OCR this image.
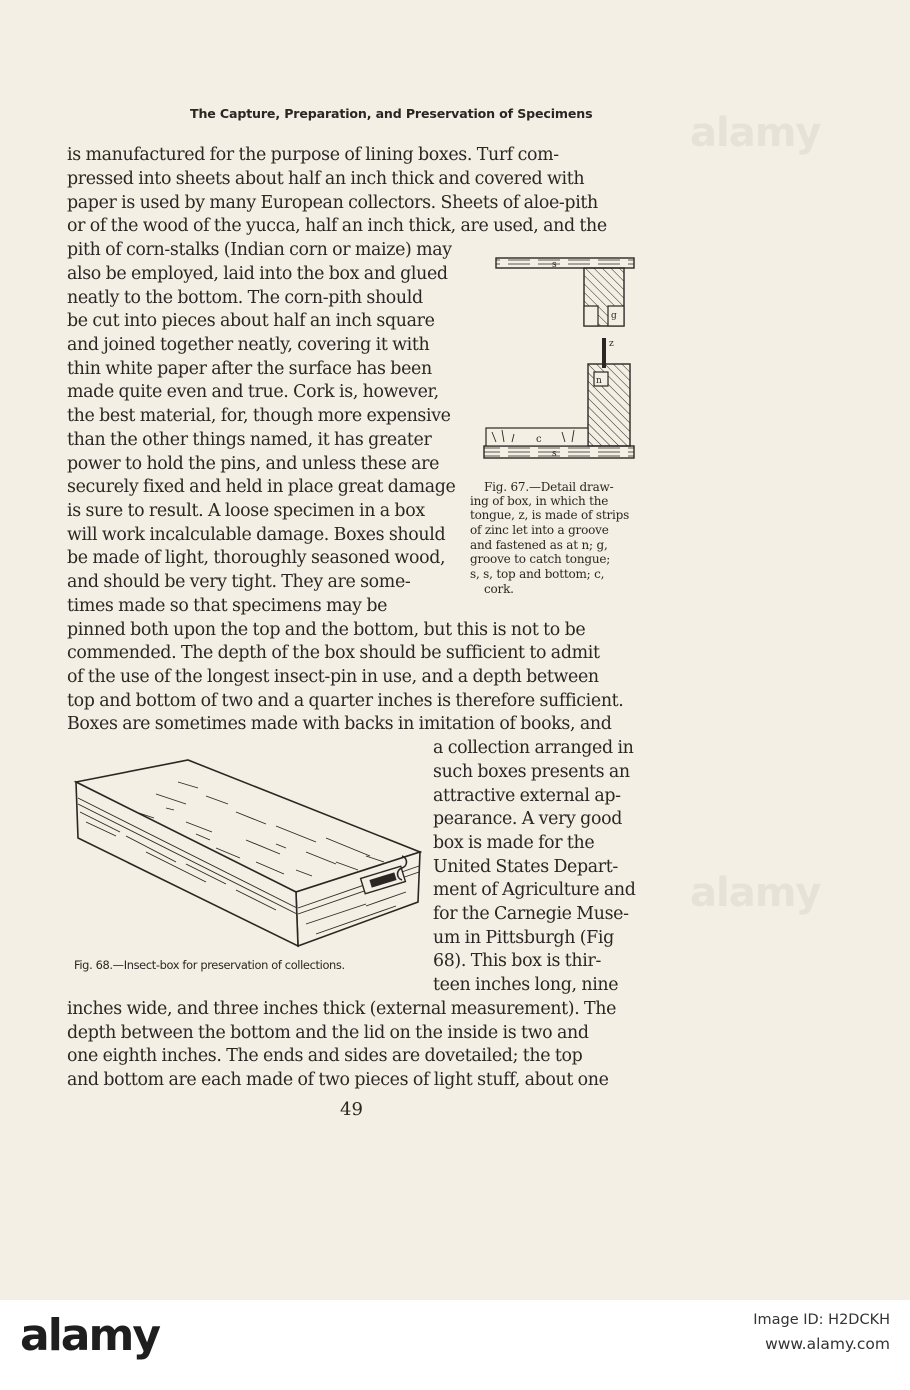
alamy
alamy
The Capture, Preparation, and Preservation of Specimens
is manufactured for the purpose of lining boxes. Turf com-
pressed into sheets about half an inch thick and covered with
paper is used by many European collectors. Sheets of aloe-pith
or of the wood of the yucca, half an inch thick, are used, and the
pith of corn-stalks (Indian corn or maize) may
also be employed, laid into the box and glued
neatly to the bottom. The corn-pith should
be cut into pieces about half an inch square
and joined together neatly, covering it with
thin white paper after the surface has been
made quite even and true. Cork is, however,
the best material, for, though more expensive
than the other things named, it has greater
power to hold the pins, and unless these are
securely fixed and held in place great damage
is sure to result. A loose specimen in a box
will work incalculable damage. Boxes should
be made of light, thoroughly seasoned wood,
and should be very tight. They are some-
times made so that specimens may be
pinned both upon the top and the bottom, but this is not to be
commended. The depth of the box should be sufficient to admit
of the use of the longest insect-pin in use, and a depth between
top and bottom of two and a quarter inches is therefore sufficient.
Boxes are sometimes made with backs in imitation of books, and
a collection arranged in
such boxes presents an
attractive external ap-
pearance. A very good
box is made for the
United States Depart-
ment of Agriculture and
for the Carnegie Muse-
um in Pittsburgh (Fig
68). This box is thir-
teen inches long, nine
inches wide, and three inches thick (external measurement). The
depth between the bottom and the lid on the inside is two and
one eighth inches. The ends and sides are dovetailed; the top
and bottom are each made of two pieces of light stuff, about one
s
g
z
n
c
s
Fig. 67.—Detail draw-
ing of box, in which the
tongue, z, is made of strips
of zinc let into a groove
and fastened as at n; g,
groove to catch tongue;
s, s, top and bottom; c,
cork.
Fig. 68.—Insect-box for preservation of collections.
49
alamy	Image ID: H2DCKH
www.alamy.com
